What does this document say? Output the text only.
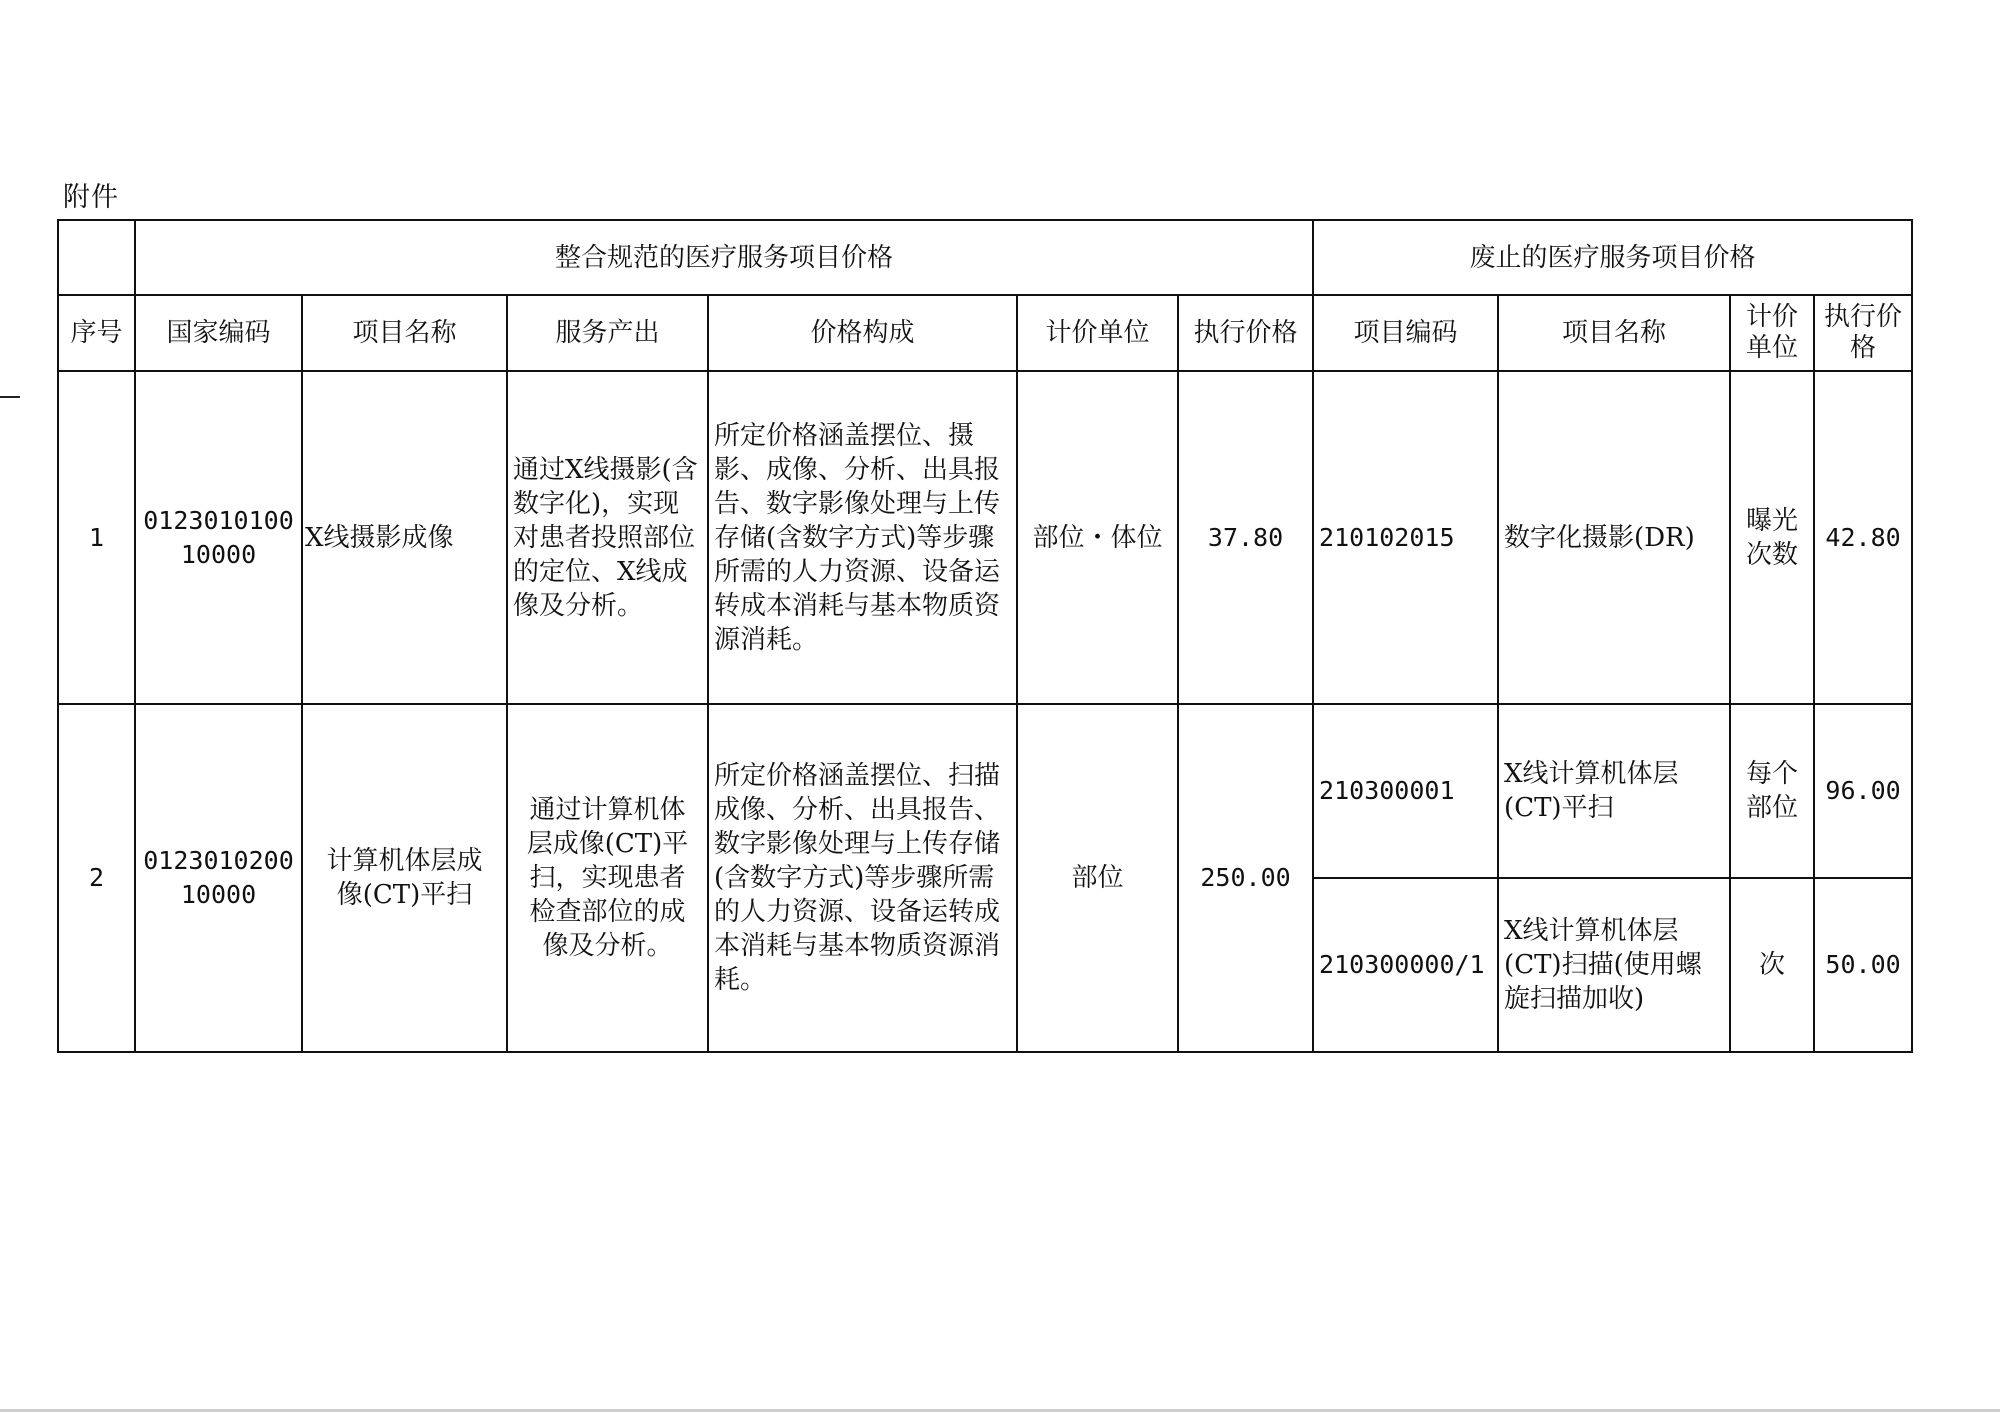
附件
	整合规范的医疗服务项目价格						废止的医疗服务项目价格			
序号	国家编码	项目名称	服务产出	价格构成	计价单位	执行价格	项目编码	项目名称	计价单位	执行价格
1	012301010010000	X线摄影成像	通过X线摄影(含数字化)，实现对患者投照部位的定位、X线成像及分析。	所定价格涵盖摆位、摄影、成像、分析、出具报告、数字影像处理与上传存储(含数字方式)等步骤所需的人力资源、设备运转成本消耗与基本物质资源消耗。	部位・体位	37.80	210102015	数字化摄影(DR)	曝光次数	42.80
2	012301020010000	计算机体层成像(CT)平扫	通过计算机体层成像(CT)平扫，实现患者检查部位的成像及分析。	所定价格涵盖摆位、扫描成像、分析、出具报告、数字影像处理与上传存储(含数字方式)等步骤所需的人力资源、设备运转成本消耗与基本物质资源消耗。	部位	250.00	210300001	X线计算机体层(CT)平扫	每个部位	96.00
							210300000/1	X线计算机体层(CT)扫描(使用螺旋扫描加收)	次	50.00
